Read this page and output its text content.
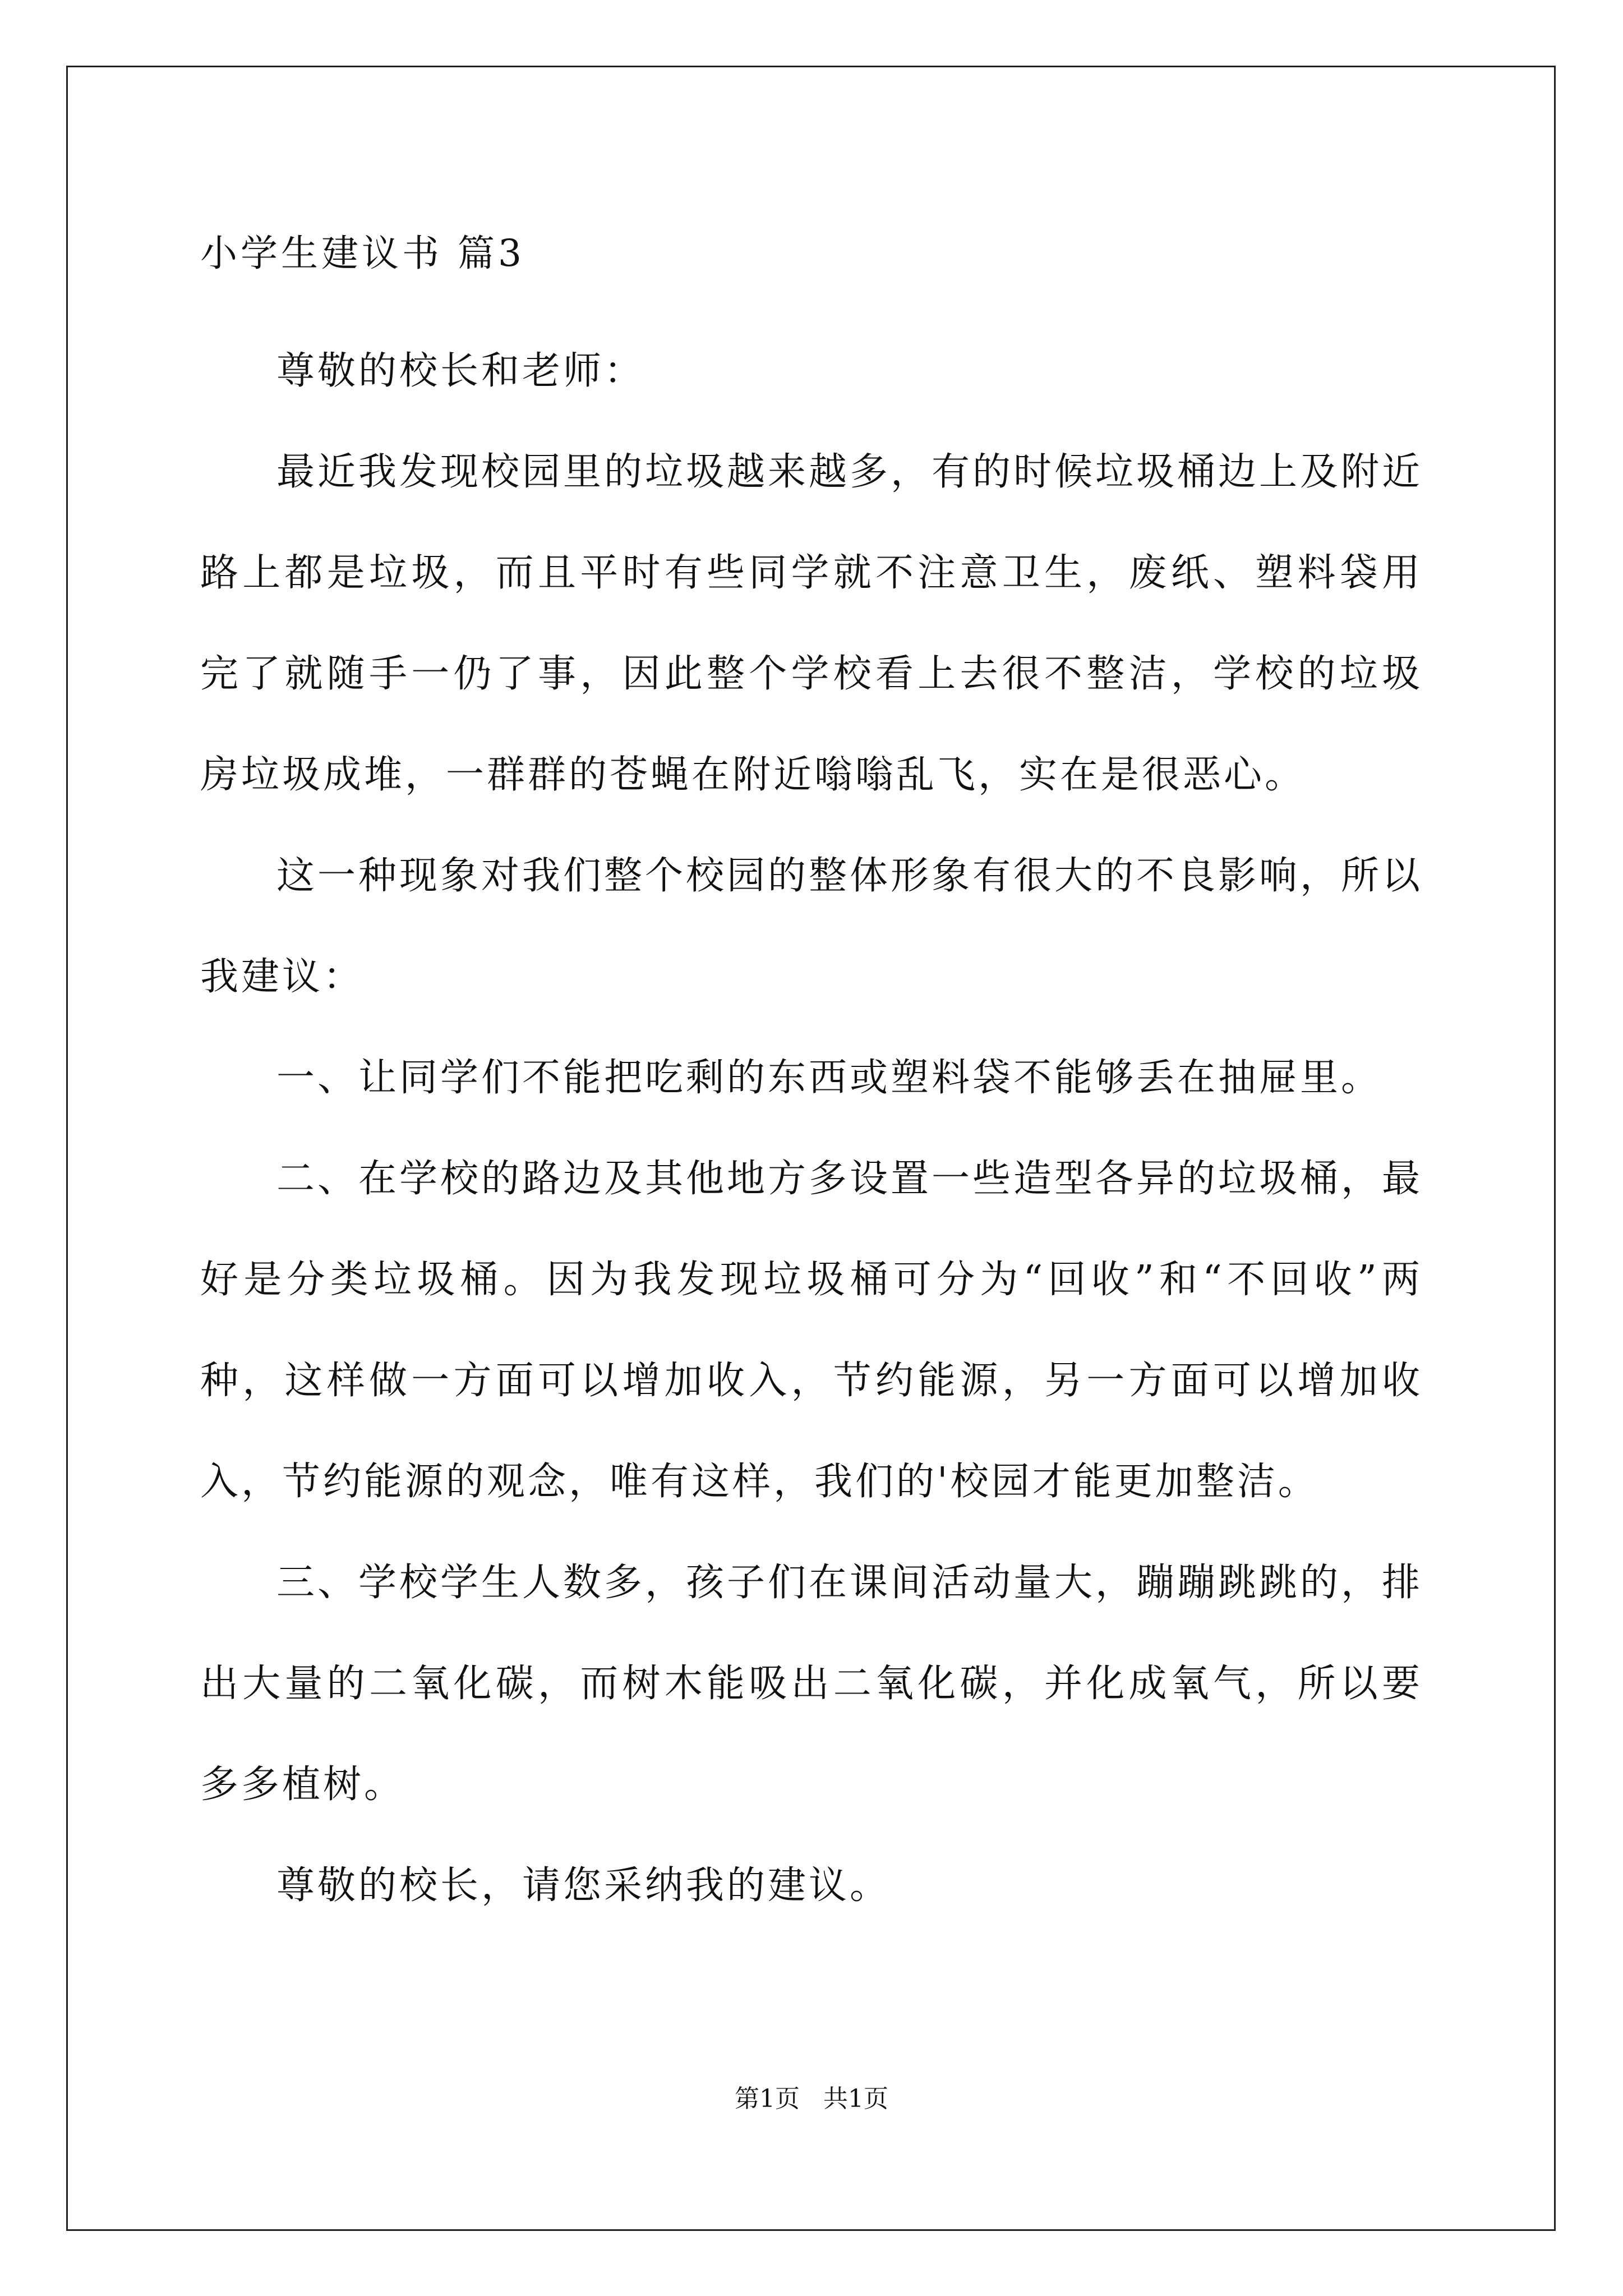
小学生建议书 篇3

尊敬的校长和老师：

最近我发现校园里的垃圾越来越多，有的时候垃圾桶边上及附近路上都是垃圾，而且平时有些同学就不注意卫生，废纸、塑料袋用完了就随手一仍了事，因此整个学校看上去很不整洁，学校的垃圾房垃圾成堆，一群群的苍蝇在附近嗡嗡乱飞，实在是很恶心。

这一种现象对我们整个校园的整体形象有很大的不良影响，所以我建议：

一、让同学们不能把吃剩的东西或塑料袋不能够丢在抽屉里。

二、在学校的路边及其他地方多设置一些造型各异的垃圾桶，最好是分类垃圾桶。因为我发现垃圾桶可分为“回收”和“不回收”两种，这样做一方面可以增加收入，节约能源，另一方面可以增加收入，节约能源的观念，唯有这样，我们的'校园才能更加整洁。

三、学校学生人数多，孩子们在课间活动量大，蹦蹦跳跳的，排出大量的二氧化碳，而树木能吸出二氧化碳，并化成氧气，所以要多多植树。

尊敬的校长，请您采纳我的建议。

第1页   共1页
